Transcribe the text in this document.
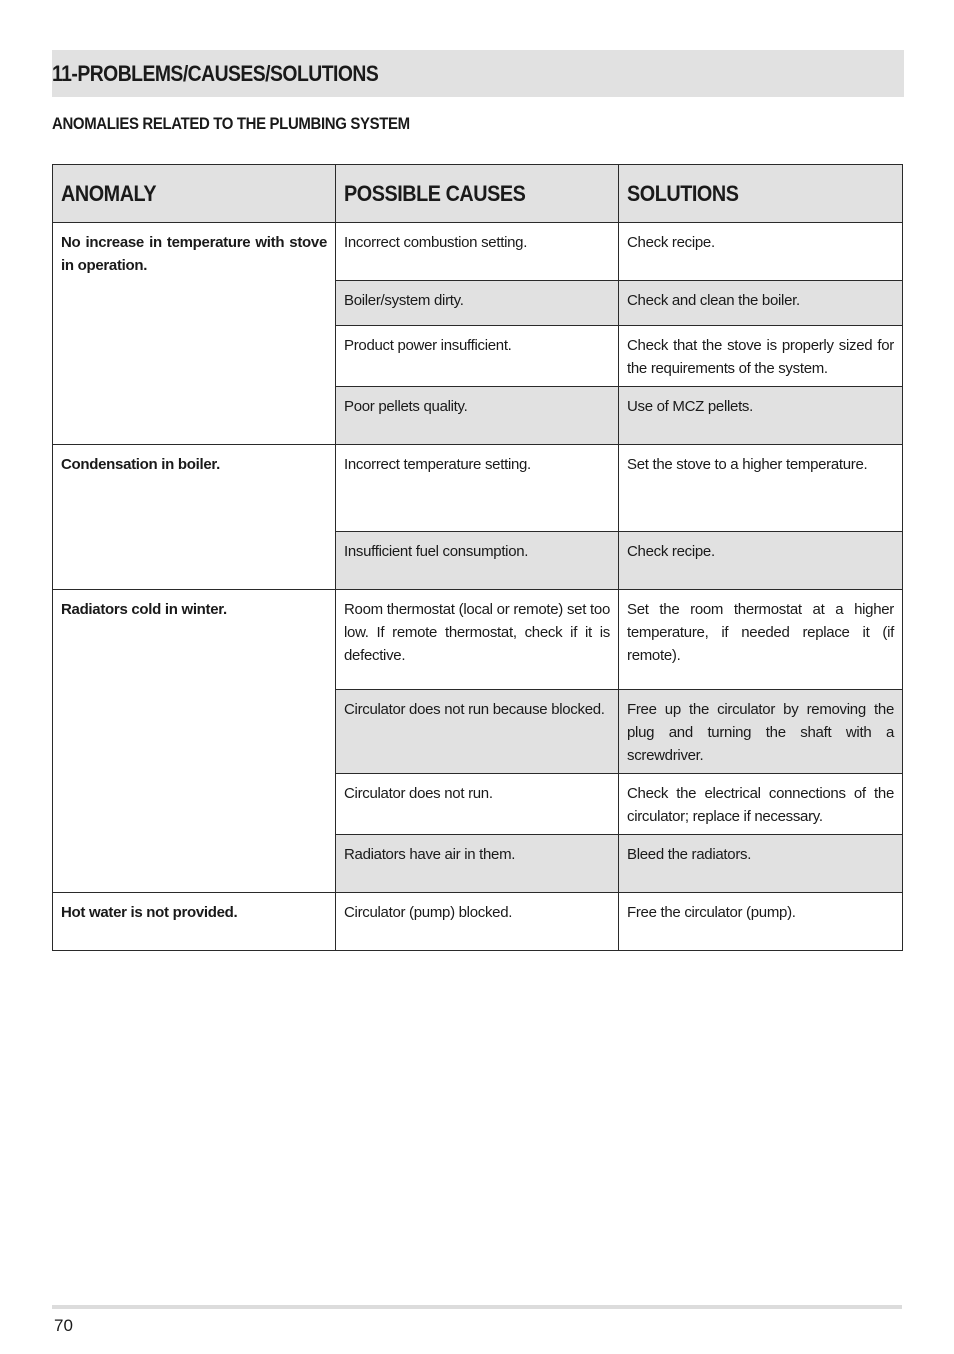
11-PROBLEMS/CAUSES/SOLUTIONS

ANOMALIES RELATED TO THE PLUMBING SYSTEM

ANOMALY	POSSIBLE CAUSES	SOLUTIONS
No increase in temperature with stove in operation.	Incorrect combustion setting.	Check recipe.
	Boiler/system dirty.	Check and clean the boiler.
	Product power insufficient.	Check that the stove is properly sized for the requirements of the system.
	Poor pellets quality.	Use of MCZ pellets.
Condensation in boiler.	Incorrect temperature setting.	Set the stove to a higher temperature.
	Insufficient fuel consumption.	Check recipe.
Radiators cold in winter.	Room thermostat (local or remote) set too low. If remote thermostat, check if it is defective.	Set the room thermostat at a higher temperature, if needed replace it (if remote).
	Circulator does not run because blocked.	Free up the circulator by removing the plug and turning the shaft with a screwdriver.
	Circulator does not run.	Check the electrical connections of the circulator; replace if necessary.
	Radiators have air in them.	Bleed the radiators.
Hot water is not provided.	Circulator (pump) blocked.	Free the circulator (pump).

70
